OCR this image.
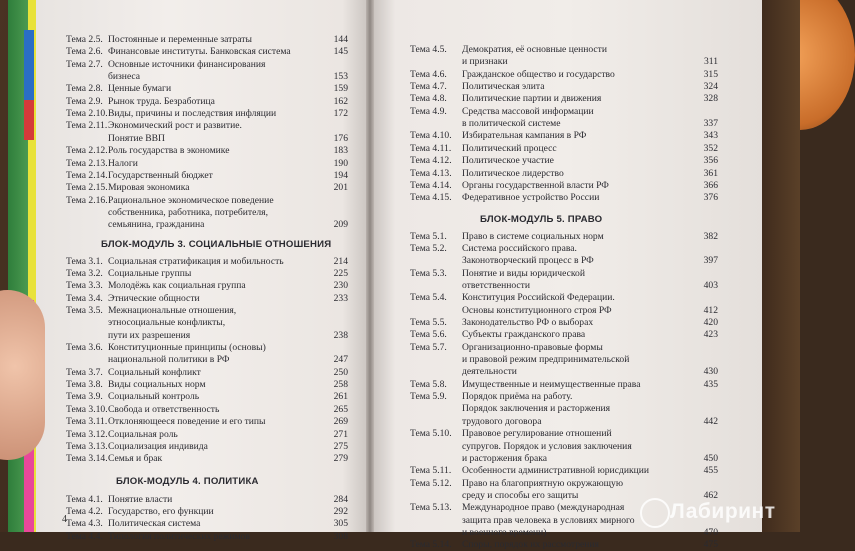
Тема 2.5. Постоянные и переменные затраты	144
Тема 2.6. Финансовые институты. Банковская система	145
Тема 2.7. Основные источники финансирования
бизнеса	153
Тема 2.8. Ценные бумаги	159
Тема 2.9. Рынок труда. Безработица	162
Тема 2.10. Виды, причины и последствия инфляции	172
Тема 2.11. Экономический рост и развитие.
Понятие ВВП	176
Тема 2.12. Роль государства в экономике	183
Тема 2.13. Налоги	190
Тема 2.14. Государственный бюджет	194
Тема 2.15. Мировая экономика	201
Тема 2.16. Рациональное экономическое поведение
собственника, работника, потребителя,
семьянина, гражданина	209
БЛОК-МОДУЛЬ 3. СОЦИАЛЬНЫЕ ОТНОШЕНИЯ
Тема 3.1. Социальная стратификация и мобильность	214
Тема 3.2. Социальные группы	225
Тема 3.3. Молодёжь как социальная группа	230
Тема 3.4. Этнические общности	233
Тема 3.5. Межнациональные отношения,
этносоциальные конфликты,
пути их разрешения	238
Тема 3.6. Конституционные принципы (основы)
национальной политики в РФ	247
Тема 3.7. Социальный конфликт	250
Тема 3.8. Виды социальных норм	258
Тема 3.9. Социальный контроль	261
Тема 3.10. Свобода и ответственность	265
Тема 3.11. Отклоняющееся поведение и его типы	269
Тема 3.12. Социальная роль	271
Тема 3.13. Социализация индивида	275
Тема 3.14. Семья и брак	279
БЛОК-МОДУЛЬ 4. ПОЛИТИКА
Тема 4.1. Понятие власти	284
Тема 4.2. Государство, его функции	292
Тема 4.3. Политическая система	305
Тема 4.4. Типология политических режимов	308
4
Тема 4.5. Демократия, её основные ценности
и признаки	311
Тема 4.6. Гражданское общество и государство	315
Тема 4.7. Политическая элита	324
Тема 4.8. Политические партии и движения	328
Тема 4.9. Средства массовой информации
в политической системе	337
Тема 4.10. Избирательная кампания в РФ	343
Тема 4.11. Политический процесс	352
Тема 4.12. Политическое участие	356
Тема 4.13. Политическое лидерство	361
Тема 4.14. Органы государственной власти РФ	366
Тема 4.15. Федеративное устройство России	376
БЛОК-МОДУЛЬ 5. ПРАВО
Тема 5.1. Право в системе социальных норм	382
Тема 5.2. Система российского права.
Законотворческий процесс в РФ	397
Тема 5.3. Понятие и виды юридической
ответственности	403
Тема 5.4. Конституция Российской Федерации.
Основы конституционного строя РФ	412
Тема 5.5. Законодательство РФ о выборах	420
Тема 5.6. Субъекты гражданского права	423
Тема 5.7. Организационно-правовые формы
и правовой режим предпринимательской
деятельности	430
Тема 5.8. Имущественные и неимущественные права	435
Тема 5.9. Порядок приёма на работу.
Порядок заключения и расторжения
трудового договора	442
Тема 5.10. Правовое регулирование отношений
супругов. Порядок и условия заключения
и расторжения брака	450
Тема 5.11. Особенности административной юрисдикции	455
Тема 5.12. Право на благоприятную окружающую
среду и способы его защиты	462
Тема 5.13. Международное право (международная
защита прав человека в условиях мирного
и военного времени)	470
Тема 5.14. Споры, порядок их рассмотрения	475
Лабиринт
